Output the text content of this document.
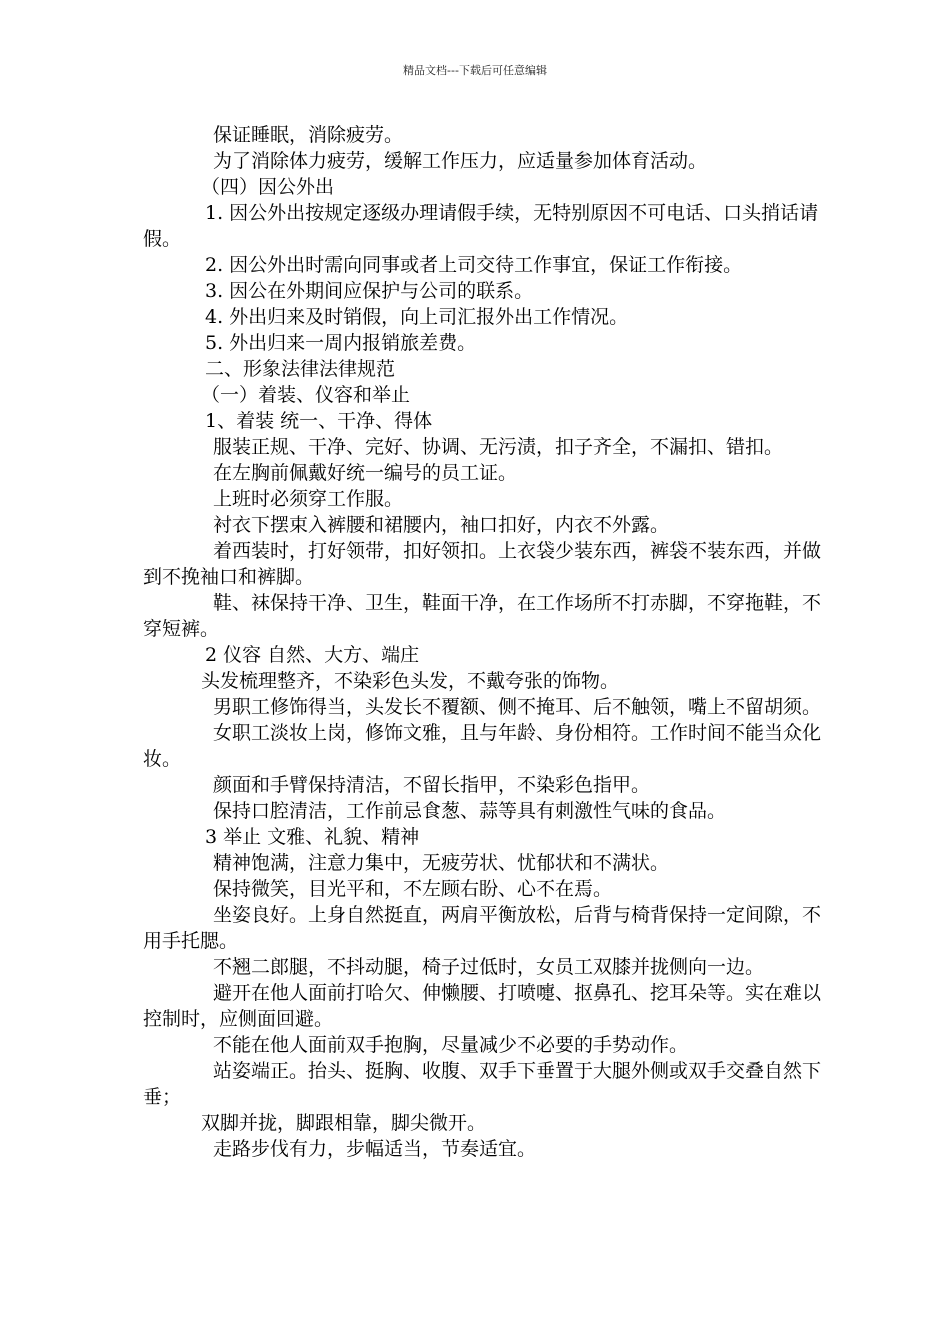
精品文档---下载后可任意编辑

保证睡眠，消除疲劳。

为了消除体力疲劳，缓解工作压力，应适量参加体育活动。

（四）因公外出

1. 因公外出按规定逐级办理请假手续，无特别原因不可电话、口头捎话请假。

2. 因公外出时需向同事或者上司交待工作事宜，保证工作衔接。

3. 因公在外期间应保护与公司的联系。

4. 外出归来及时销假，向上司汇报外出工作情况。

5. 外出归来一周内报销旅差费。

二、形象法律法律规范

（一）着装、仪容和举止

1、着装 统一、干净、得体

服装正规、干净、完好、协调、无污渍，扣子齐全，不漏扣、错扣。

在左胸前佩戴好统一编号的员工证。

上班时必须穿工作服。

衬衣下摆束入裤腰和裙腰内，袖口扣好，内衣不外露。

着西装时，打好领带，扣好领扣。上衣袋少装东西，裤袋不装东西，并做到不挽袖口和裤脚。

鞋、袜保持干净、卫生，鞋面干净，在工作场所不打赤脚，不穿拖鞋，不穿短裤。

2 仪容 自然、大方、端庄

头发梳理整齐，不染彩色头发，不戴夸张的饰物。

男职工修饰得当，头发长不覆额、侧不掩耳、后不触领，嘴上不留胡须。

女职工淡妆上岗，修饰文雅，且与年龄、身份相符。工作时间不能当众化妆。

颜面和手臂保持清洁，不留长指甲，不染彩色指甲。

保持口腔清洁，工作前忌食葱、蒜等具有刺激性气味的食品。

3 举止 文雅、礼貌、精神

精神饱满，注意力集中，无疲劳状、忧郁状和不满状。

保持微笑，目光平和，不左顾右盼、心不在焉。

坐姿良好。上身自然挺直，两肩平衡放松，后背与椅背保持一定间隙，不用手托腮。

不翘二郎腿，不抖动腿，椅子过低时，女员工双膝并拢侧向一边。

避开在他人面前打哈欠、伸懒腰、打喷嚏、抠鼻孔、挖耳朵等。实在难以控制时，应侧面回避。

不能在他人面前双手抱胸，尽量减少不必要的手势动作。

站姿端正。抬头、挺胸、收腹、双手下垂置于大腿外侧或双手交叠自然下垂；

双脚并拢，脚跟相靠，脚尖微开。

走路步伐有力，步幅适当，节奏适宜。
